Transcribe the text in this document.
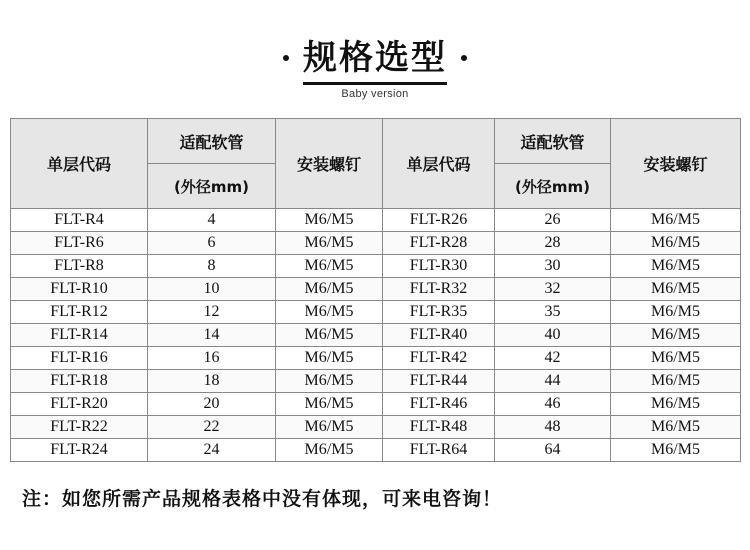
规格选型
Baby version
单层代码	适配软管	安装螺钉	单层代码	适配软管	安装螺钉
	(外径mm)			(外径mm)	
FLT-R4	4	M6/M5	FLT-R26	26	M6/M5
FLT-R6	6	M6/M5	FLT-R28	28	M6/M5
FLT-R8	8	M6/M5	FLT-R30	30	M6/M5
FLT-R10	10	M6/M5	FLT-R32	32	M6/M5
FLT-R12	12	M6/M5	FLT-R35	35	M6/M5
FLT-R14	14	M6/M5	FLT-R40	40	M6/M5
FLT-R16	16	M6/M5	FLT-R42	42	M6/M5
FLT-R18	18	M6/M5	FLT-R44	44	M6/M5
FLT-R20	20	M6/M5	FLT-R46	46	M6/M5
FLT-R22	22	M6/M5	FLT-R48	48	M6/M5
FLT-R24	24	M6/M5	FLT-R64	64	M6/M5
注：如您所需产品规格表格中没有体现，可来电咨询！
